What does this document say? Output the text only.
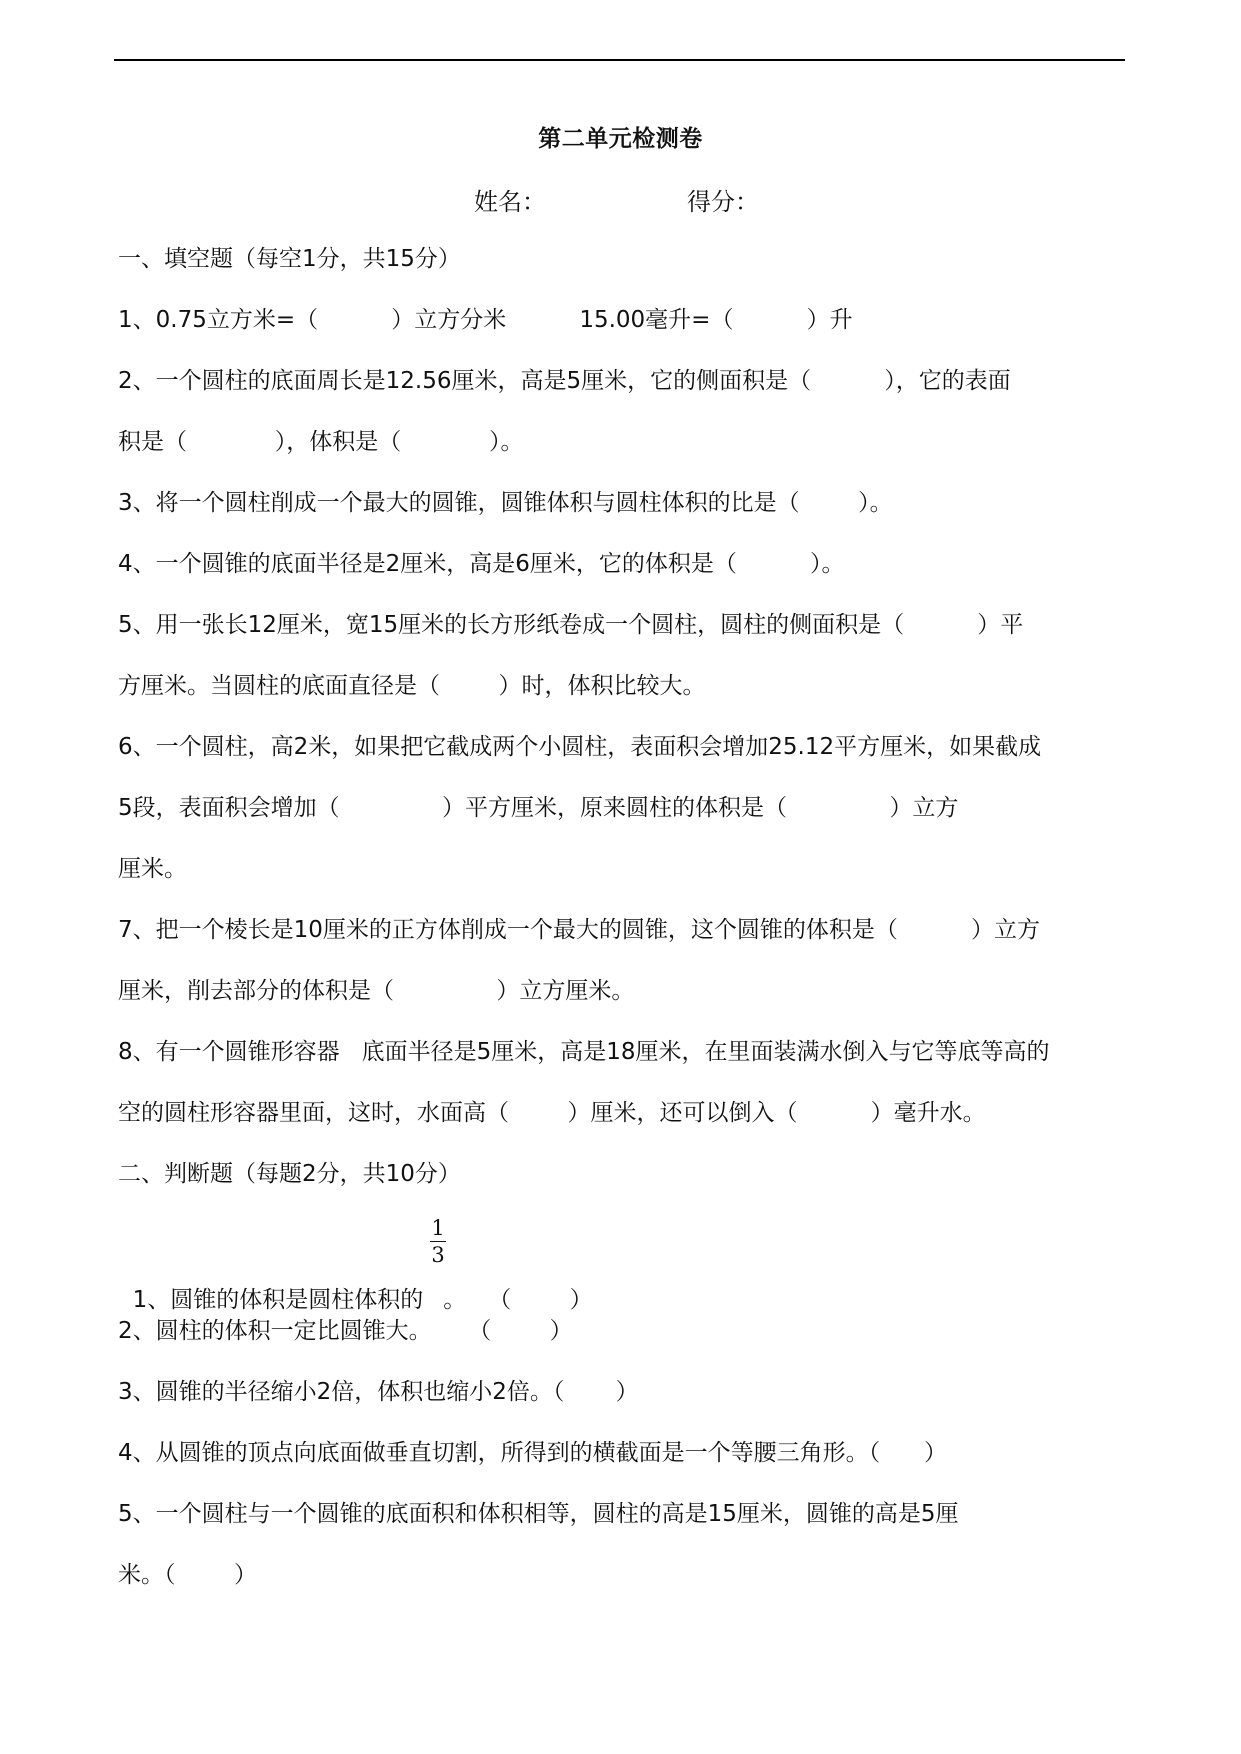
第二单元检测卷
姓名：	得分：
一、填空题（每空1分，共15分）
1、0.75立方米=（          ）立方分米          15.00毫升=（          ）升
2、一个圆柱的底面周长是12.56厘米，高是5厘米，它的侧面积是（          ），它的表面
积是（            ），体积是（            ）。
3、将一个圆柱削成一个最大的圆锥，圆锥体积与圆柱体积的比是（        ）。
4、一个圆锥的底面半径是2厘米，高是6厘米，它的体积是（          ）。
5、用一张长12厘米，宽15厘米的长方形纸卷成一个圆柱，圆柱的侧面积是（          ）平
方厘米。当圆柱的底面直径是（        ）时，体积比较大。
6、一个圆柱，高2米，如果把它截成两个小圆柱，表面积会增加25.12平方厘米，如果截成
5段，表面积会增加（              ）平方厘米，原来圆柱的体积是（              ）立方
厘米。
7、把一个棱长是10厘米的正方体削成一个最大的圆锥，这个圆锥的体积是（          ）立方
厘米，削去部分的体积是（              ）立方厘米。
8、有一个圆锥形容器   底面半径是5厘米，高是18厘米，在里面装满水倒入与它等底等高的
空的圆柱形容器里面，这时，水面高（        ）厘米，还可以倒入（          ）毫升水。
二、判断题（每题2分，共10分）

1、圆锥的体积是圆柱体积的 。   （        ）

1
3
2、圆柱的体积一定比圆锥大。     （        ）
3、圆锥的半径缩小2倍，体积也缩小2倍。（       ）
4、从圆锥的顶点向底面做垂直切割，所得到的横截面是一个等腰三角形。（      ）
5、一个圆柱与一个圆锥的底面积和体积相等，圆柱的高是15厘米，圆锥的高是5厘
米。（        ）
